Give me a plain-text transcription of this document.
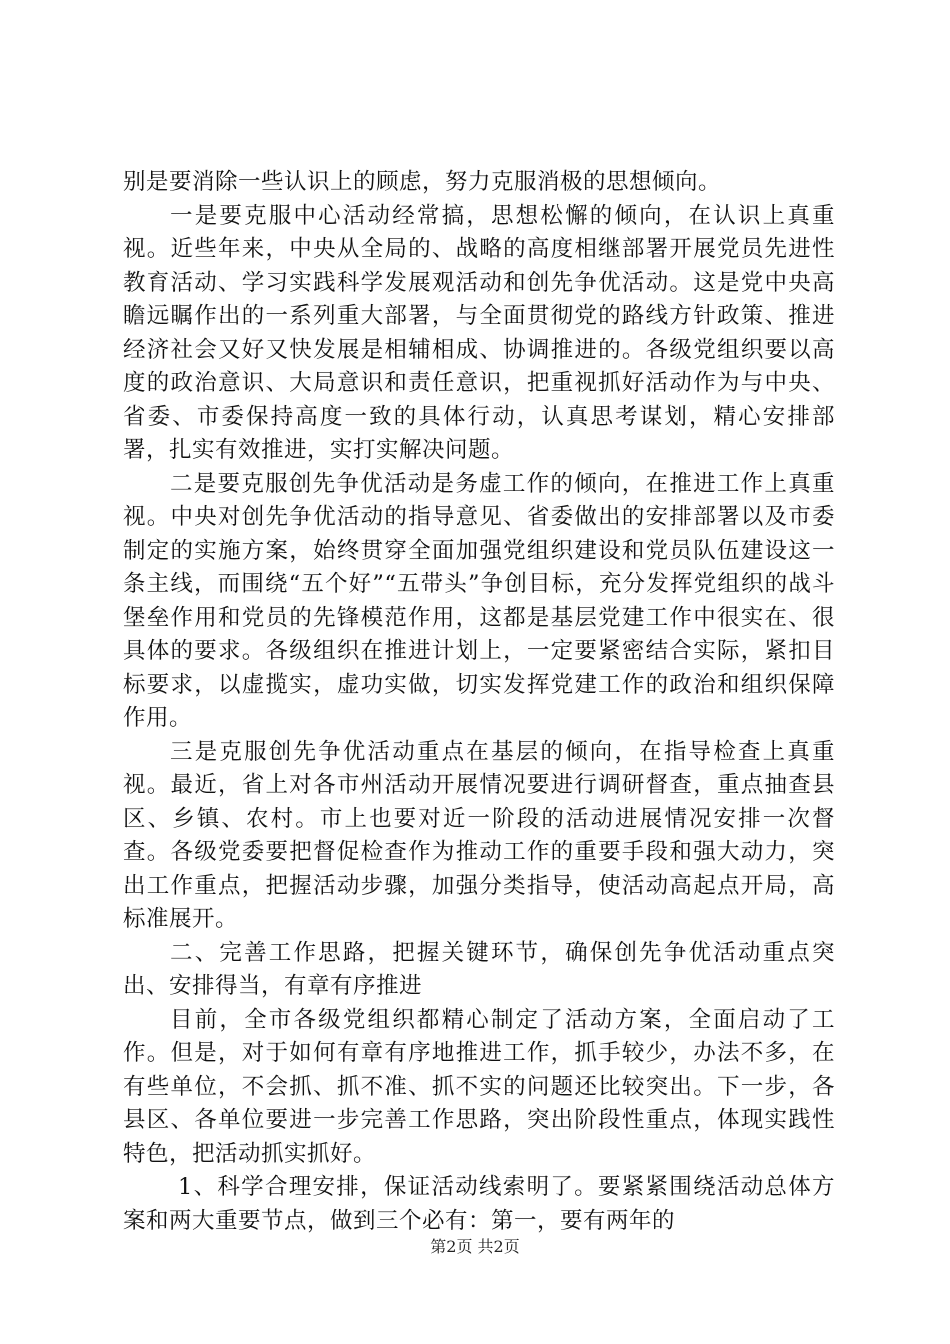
别是要消除一些认识上的顾虑，努力克服消极的思想倾向。

一是要克服中心活动经常搞，思想松懈的倾向，在认识上真重视。近些年来，中央从全局的、战略的高度相继部署开展党员先进性教育活动、学习实践科学发展观活动和创先争优活动。这是党中央高瞻远瞩作出的一系列重大部署，与全面贯彻党的路线方针政策、推进经济社会又好又快发展是相辅相成、协调推进的。各级党组织要以高度的政治意识、大局意识和责任意识，把重视抓好活动作为与中央、省委、市委保持高度一致的具体行动，认真思考谋划，精心安排部署，扎实有效推进，实打实解决问题。

二是要克服创先争优活动是务虚工作的倾向，在推进工作上真重视。中央对创先争优活动的指导意见、省委做出的安排部署以及市委制定的实施方案，始终贯穿全面加强党组织建设和党员队伍建设这一条主线，而围绕“五个好”“五带头”争创目标，充分发挥党组织的战斗堡垒作用和党员的先锋模范作用，这都是基层党建工作中很实在、很具体的要求。各级组织在推进计划上，一定要紧密结合实际，紧扣目标要求，以虚揽实，虚功实做，切实发挥党建工作的政治和组织保障作用。

三是克服创先争优活动重点在基层的倾向，在指导检查上真重视。最近，省上对各市州活动开展情况要进行调研督查，重点抽查县区、乡镇、农村。市上也要对近一阶段的活动进展情况安排一次督查。各级党委要把督促检查作为推动工作的重要手段和强大动力，突出工作重点，把握活动步骤，加强分类指导，使活动高起点开局，高标准展开。

二、完善工作思路，把握关键环节，确保创先争优活动重点突出、安排得当，有章有序推进

目前，全市各级党组织都精心制定了活动方案，全面启动了工作。但是，对于如何有章有序地推进工作，抓手较少，办法不多，在有些单位，不会抓、抓不准、抓不实的问题还比较突出。下一步，各县区、各单位要进一步完善工作思路，突出阶段性重点，体现实践性特色，把活动抓实抓好。

1、科学合理安排，保证活动线索明了。要紧紧围绕活动总体方案和两大重要节点，做到三个必有：第一，要有两年的

第2页 共2页
